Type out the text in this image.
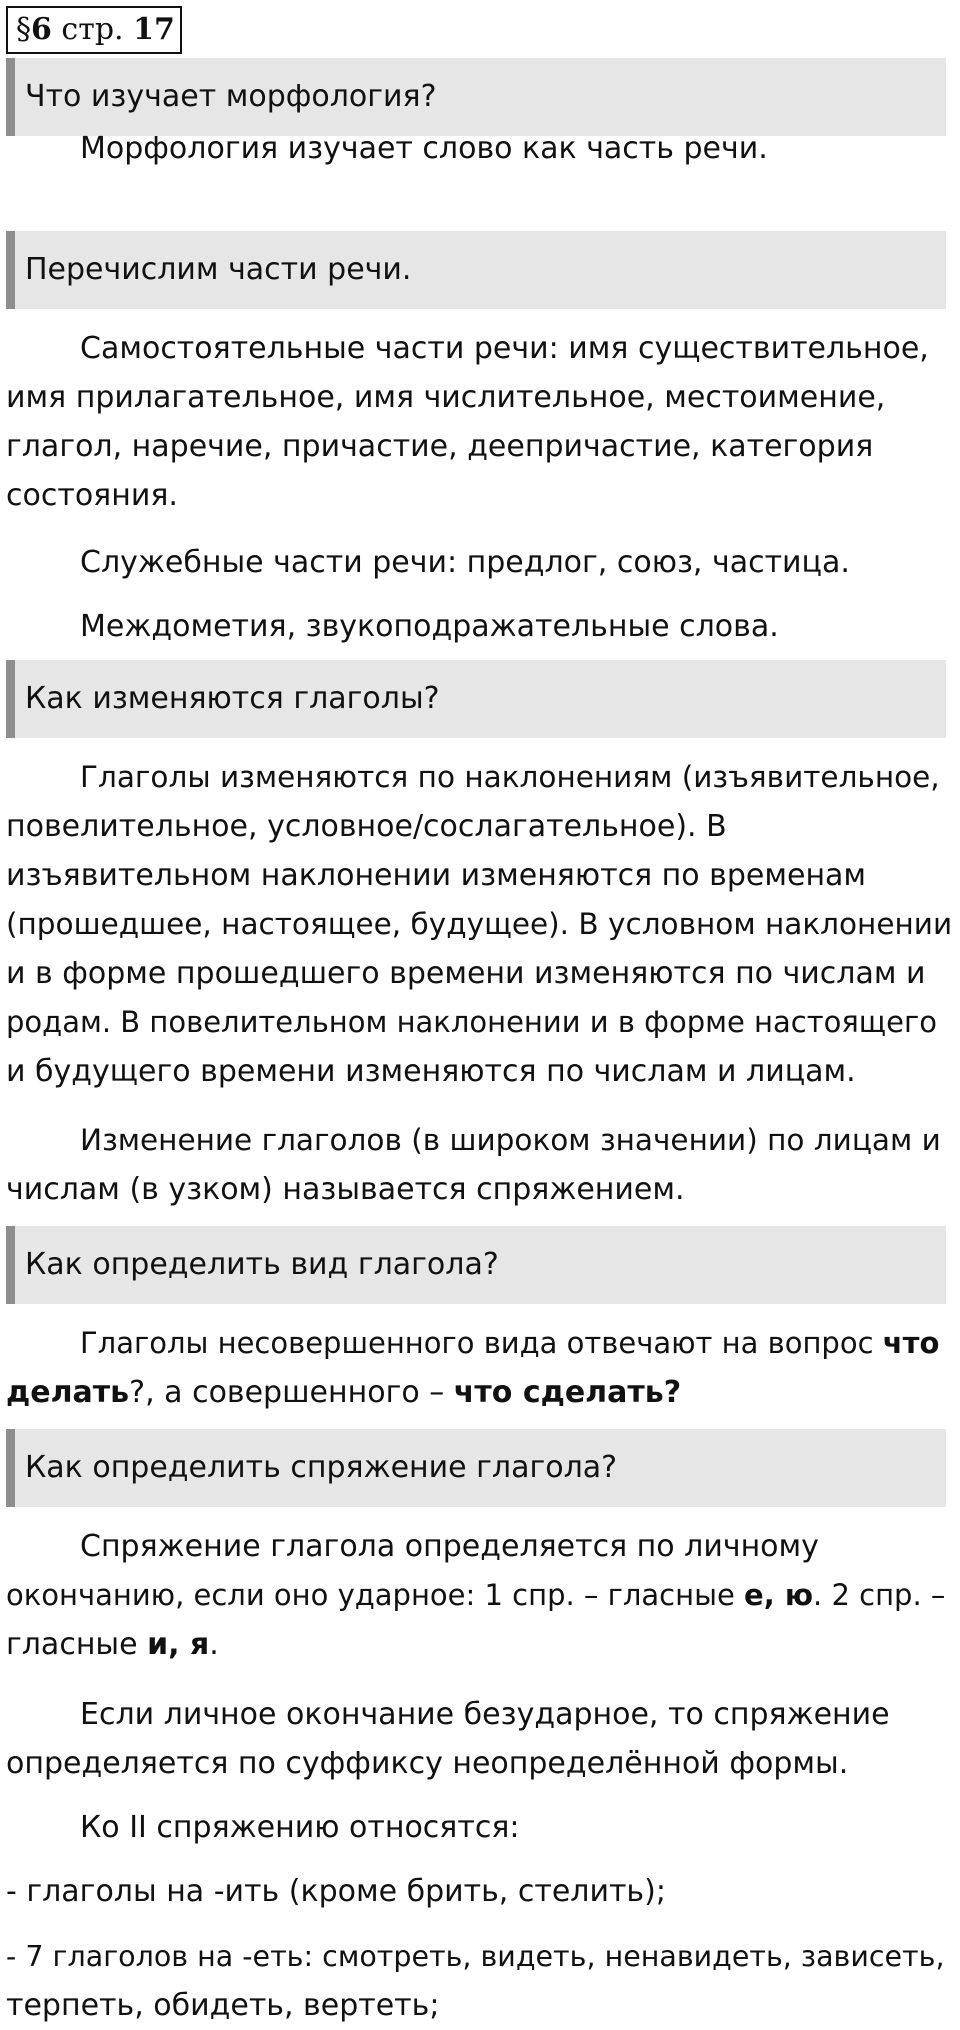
§6 стр. 17
Что изучает морфология?

Морфология изучает слово как часть речи.

Перечислим части речи.

Самостоятельные части речи: имя существительное,
имя прилагательное, имя числительное, местоимение,
глагол, наречие, причастие, деепричастие, категория
состояния.

Служебные части речи: предлог, союз, частица.

Междометия, звукоподражательные слова.

Как изменяются глаголы?

Глаголы изменяются по наклонениям (изъявительное,
повелительное, условное/сослагательное). В
изъявительном наклонении изменяются по временам
(прошедшее, настоящее, будущее). В условном наклонении
и в форме прошедшего времени изменяются по числам и
родам. В повелительном наклонении и в форме настоящего
и будущего времени изменяются по числам и лицам.

Изменение глаголов (в широком значении) по лицам и
числам (в узком) называется спряжением.

Как определить вид глагола?

Глаголы несовершенного вида отвечают на вопрос что
делать?, а совершенного – что сделать?

Как определить спряжение глагола?

Спряжение глагола определяется по личному
окончанию, если оно ударное: 1 спр. – гласные е, ю. 2 спр. –
гласные и, я.

Если личное окончание безударное, то спряжение
определяется по суффиксу неопределённой формы.

Ко II спряжению относятся:

- глаголы на -ить (кроме брить, стелить);

- 7 глаголов на -еть: смотреть, видеть, ненавидеть, зависеть,
терпеть, обидеть, вертеть;
